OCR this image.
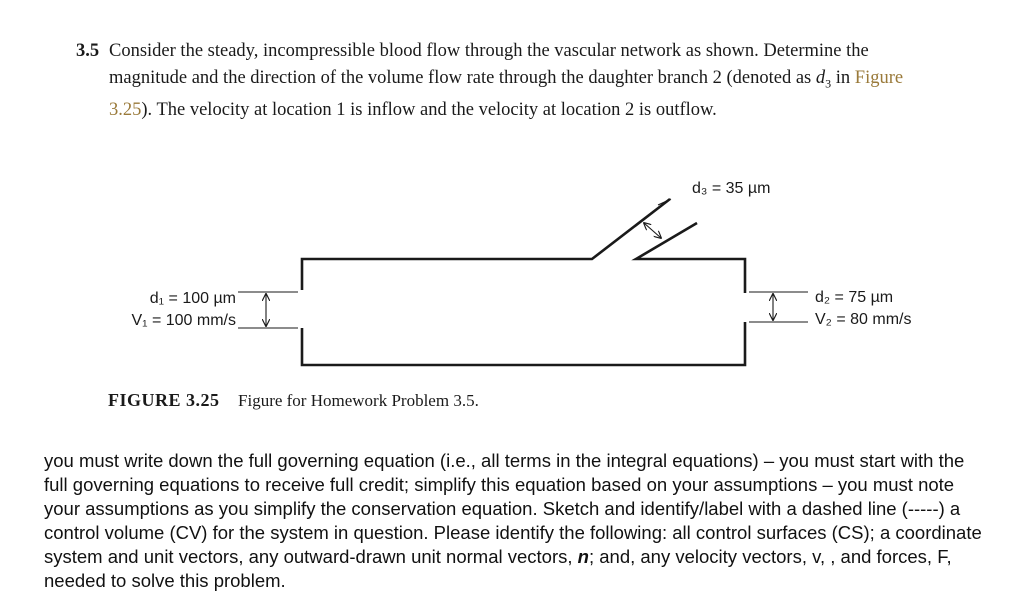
3.5 Consider the steady, incompressible blood flow through the vascular network as shown. Determine the magnitude and the direction of the volume flow rate through the daughter branch 2 (denoted as $d_3$ in Figure 3.25). The velocity at location 1 is inflow and the velocity at location 2 is outflow.
d₁ = 100 µm
V₁ = 100 mm/s
d₂ = 75 µm
V₂ = 80 mm/s
d₃ = 35 µm
FIGURE 3.25 Figure for Homework Problem 3.5.
you must write down the full governing equation (i.e., all terms in the integral equations) – you must start with the full governing equations to receive full credit; simplify this equation based on your assumptions – you must note your assumptions as you simplify the conservation equation. Sketch and identify/label with a dashed line (-----) a control volume (CV) for the system in question. Please identify the following: all control surfaces (CS); a coordinate system and unit vectors, any outward-drawn unit normal vectors, n; and, any velocity vectors, v, , and forces, F, needed to solve this problem.
